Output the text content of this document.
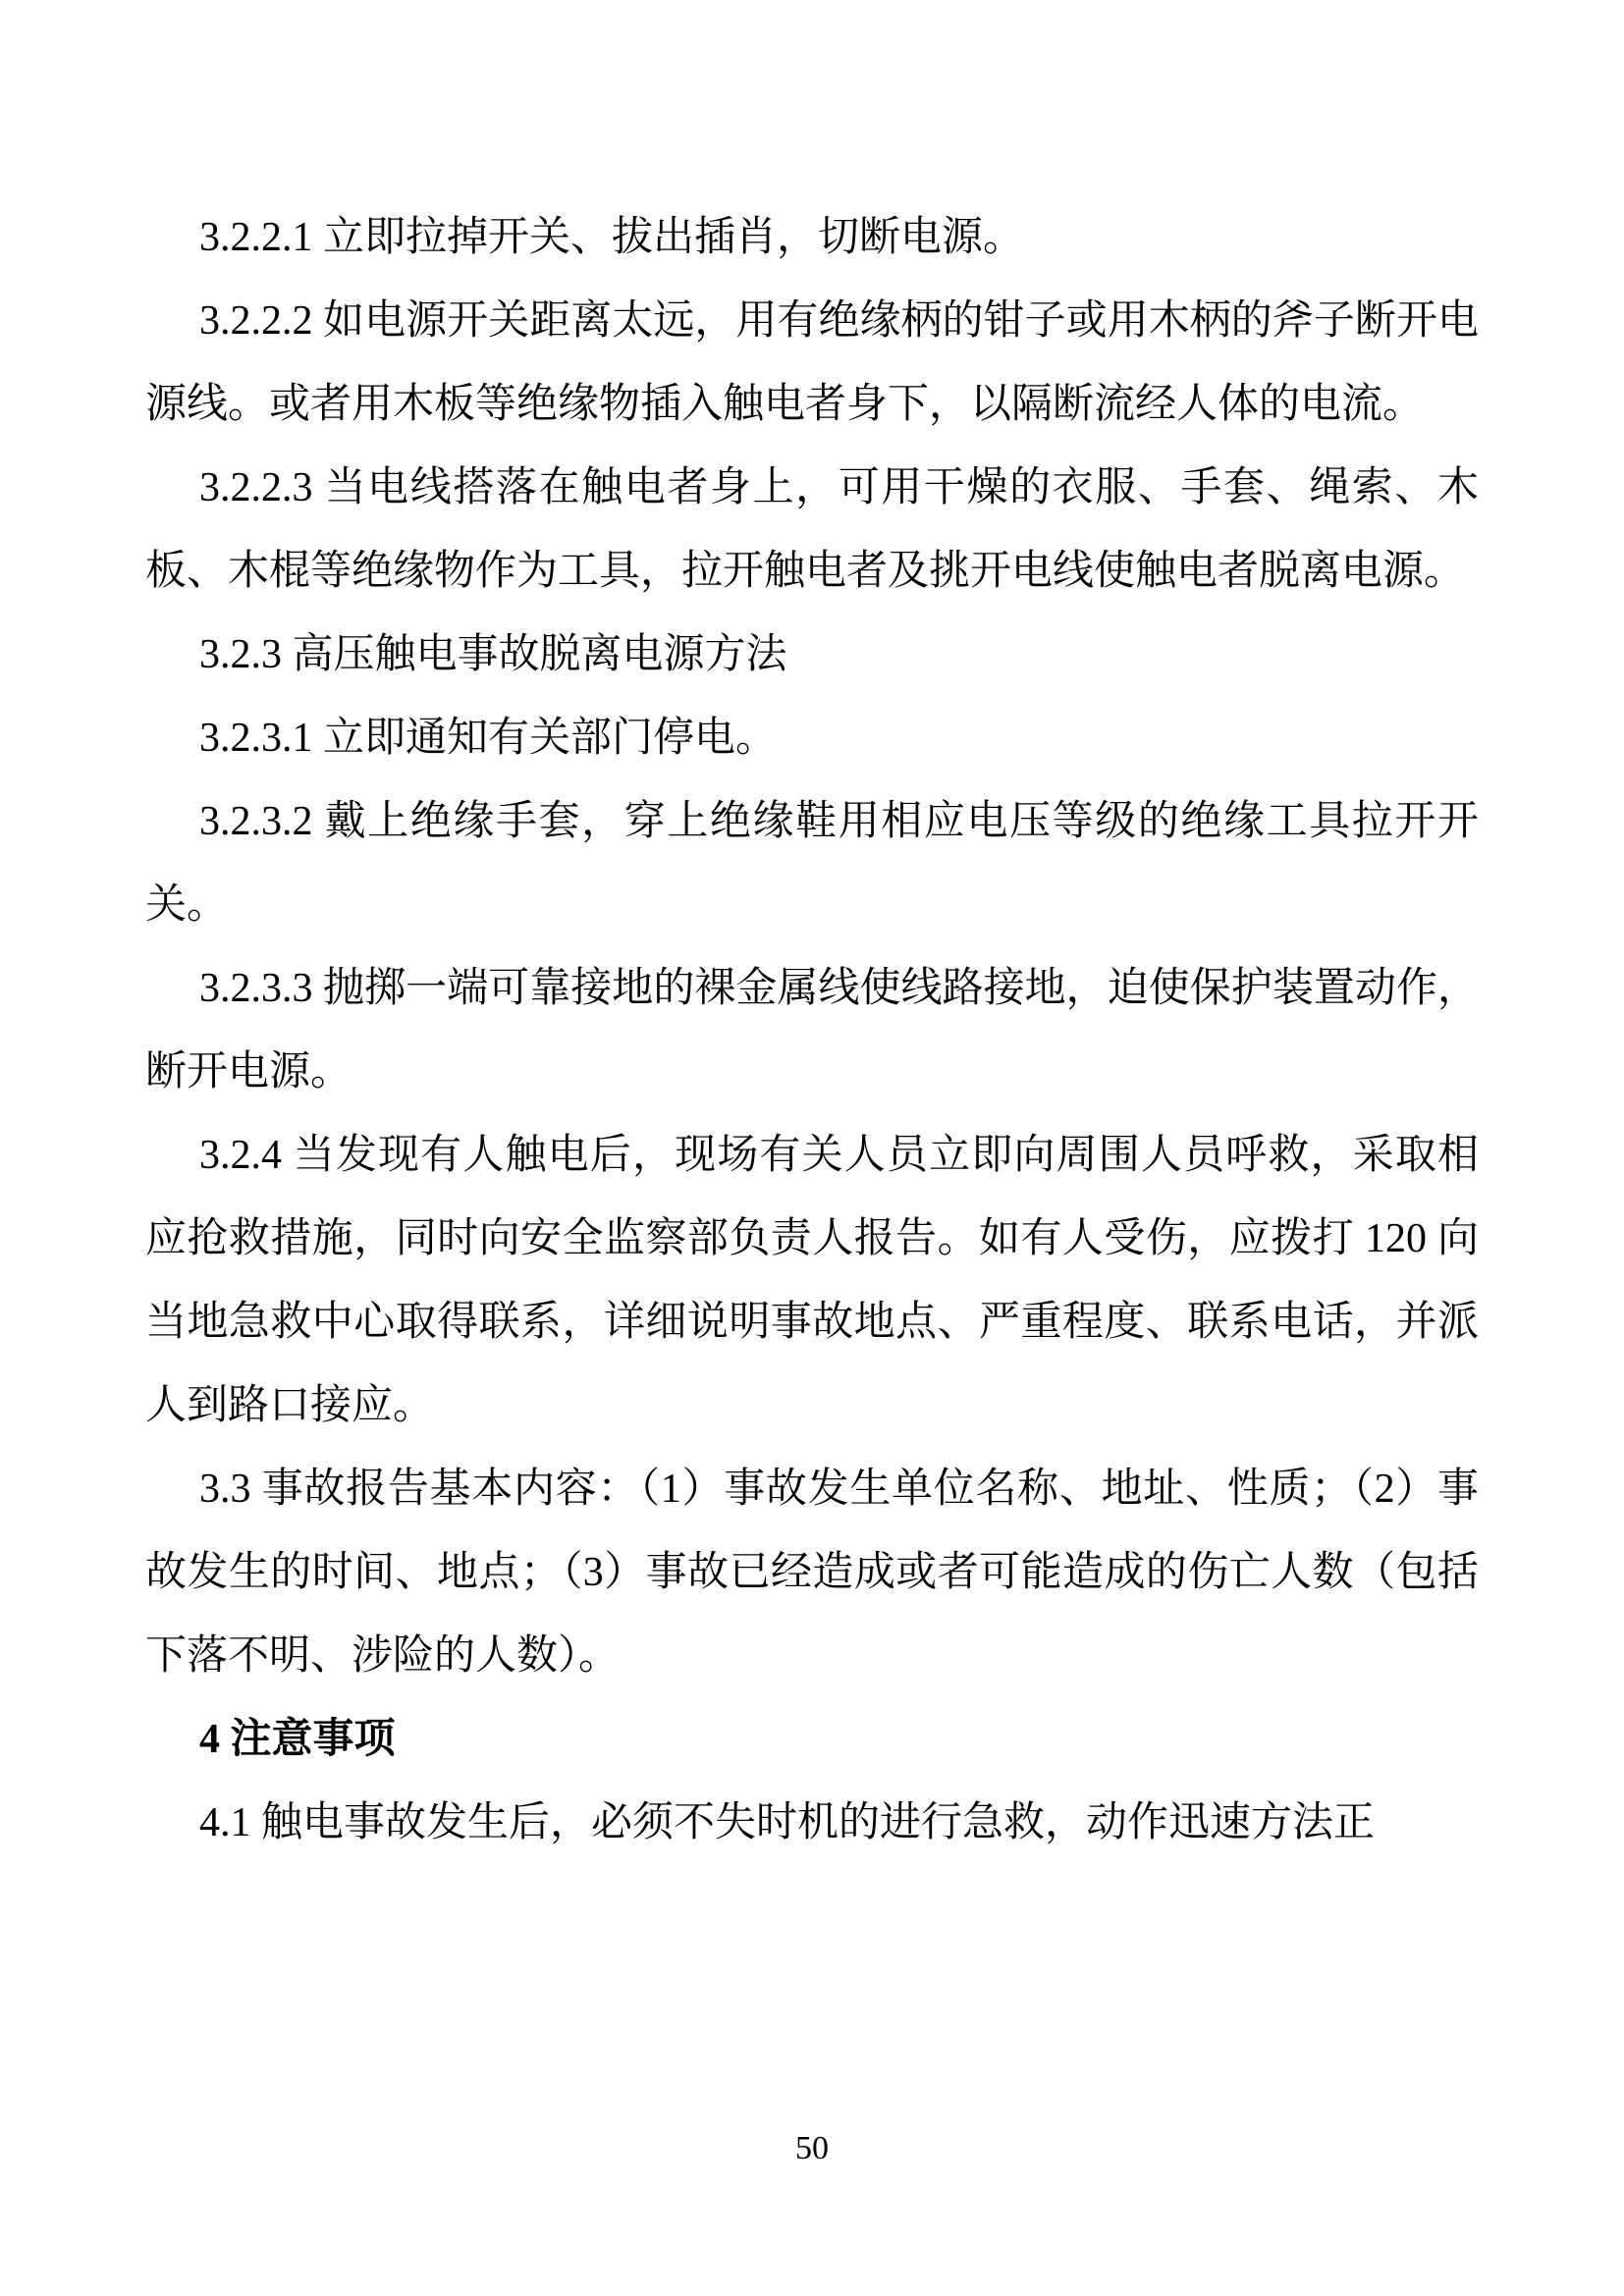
3.2.2.1 立即拉掉开关、拔出插肖，切断电源。

3.2.2.2 如电源开关距离太远，用有绝缘柄的钳子或用木柄的斧子断开电源线。或者用木板等绝缘物插入触电者身下，以隔断流经人体的电流。

3.2.2.3 当电线搭落在触电者身上，可用干燥的衣服、手套、绳索、木板、木棍等绝缘物作为工具，拉开触电者及挑开电线使触电者脱离电源。

3.2.3 高压触电事故脱离电源方法

3.2.3.1 立即通知有关部门停电。

3.2.3.2 戴上绝缘手套，穿上绝缘鞋用相应电压等级的绝缘工具拉开开关。

3.2.3.3 抛掷一端可靠接地的裸金属线使线路接地，迫使保护装置动作，断开电源。

3.2.4 当发现有人触电后，现场有关人员立即向周围人员呼救，采取相应抢救措施，同时向安全监察部负责人报告。如有人受伤，应拨打 120 向当地急救中心取得联系，详细说明事故地点、严重程度、联系电话，并派人到路口接应。

3.3 事故报告基本内容：（1）事故发生单位名称、地址、性质；（2）事故发生的时间、地点；（3）事故已经造成或者可能造成的伤亡人数（包括下落不明、涉险的人数）。

4 注意事项

4.1 触电事故发生后，必须不失时机的进行急救，动作迅速方法正

50
